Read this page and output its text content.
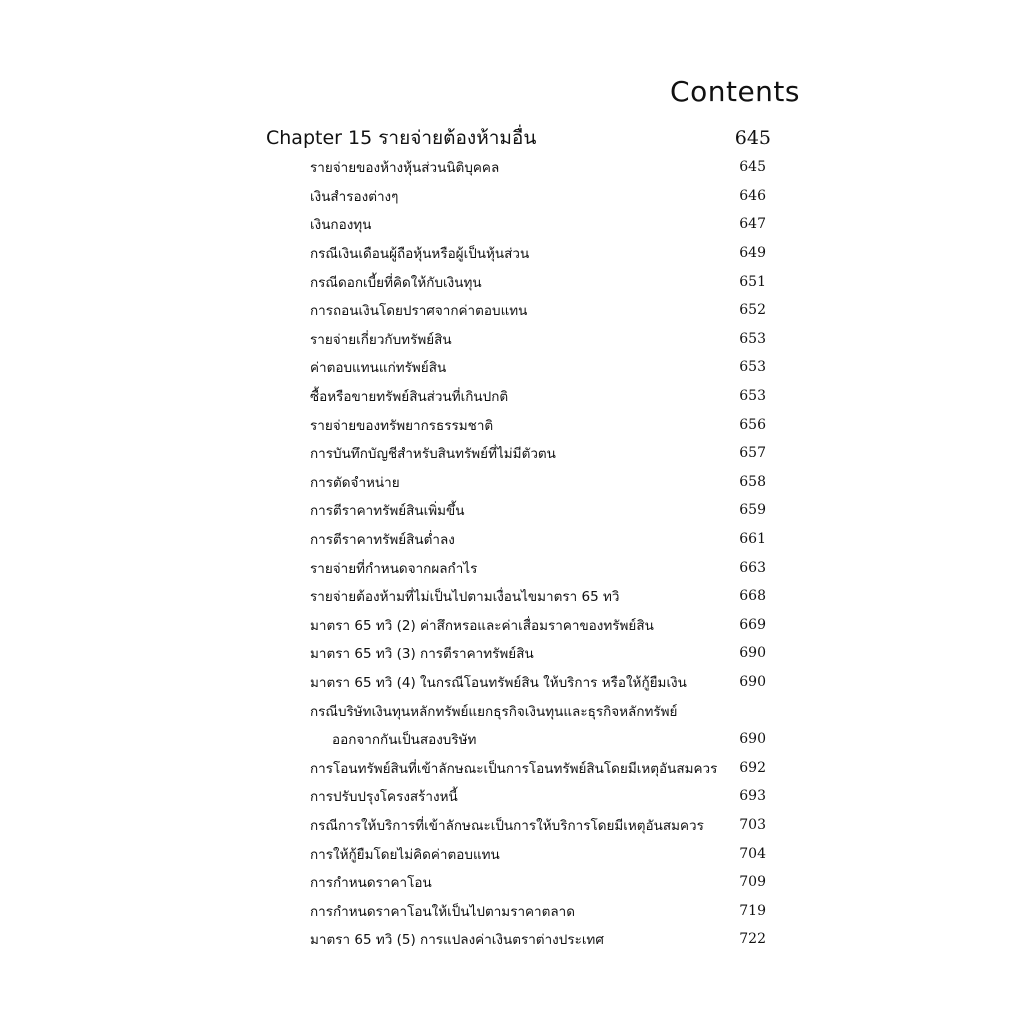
Contents
Chapter 15 รายจ่ายต้องห้ามอื่น	645
รายจ่ายของห้างหุ้นส่วนนิติบุคคล	645
เงินสำรองต่างๆ	646
เงินกองทุน	647
กรณีเงินเดือนผู้ถือหุ้นหรือผู้เป็นหุ้นส่วน	649
กรณีดอกเบี้ยที่คิดให้กับเงินทุน	651
การถอนเงินโดยปราศจากค่าตอบแทน	652
รายจ่ายเกี่ยวกับทรัพย์สิน	653
ค่าตอบแทนแก่ทรัพย์สิน	653
ซื้อหรือขายทรัพย์สินส่วนที่เกินปกติ	653
รายจ่ายของทรัพยากรธรรมชาติ	656
การบันทึกบัญชีสำหรับสินทรัพย์ที่ไม่มีตัวตน	657
การตัดจำหน่าย	658
การตีราคาทรัพย์สินเพิ่มขึ้น	659
การตีราคาทรัพย์สินต่ำลง	661
รายจ่ายที่กำหนดจากผลกำไร	663
รายจ่ายต้องห้ามที่ไม่เป็นไปตามเงื่อนไขมาตรา 65 ทวิ	668
มาตรา 65 ทวิ (2) ค่าสึกหรอและค่าเสื่อมราคาของทรัพย์สิน	669
มาตรา 65 ทวิ (3) การตีราคาทรัพย์สิน	690
มาตรา 65 ทวิ (4) ในกรณีโอนทรัพย์สิน ให้บริการ หรือให้กู้ยืมเงิน	690
กรณีบริษัทเงินทุนหลักทรัพย์แยกธุรกิจเงินทุนและธุรกิจหลักทรัพย์
ออกจากกันเป็นสองบริษัท	690
การโอนทรัพย์สินที่เข้าลักษณะเป็นการโอนทรัพย์สินโดยมีเหตุอันสมควร 692
การปรับปรุงโครงสร้างหนี้	693
กรณีการให้บริการที่เข้าลักษณะเป็นการให้บริการโดยมีเหตุอันสมควร	703
การให้กู้ยืมโดยไม่คิดค่าตอบแทน	704
การกำหนดราคาโอน	709
การกำหนดราคาโอนให้เป็นไปตามราคาตลาด	719
มาตรา 65 ทวิ (5) การแปลงค่าเงินตราต่างประเทศ	722
